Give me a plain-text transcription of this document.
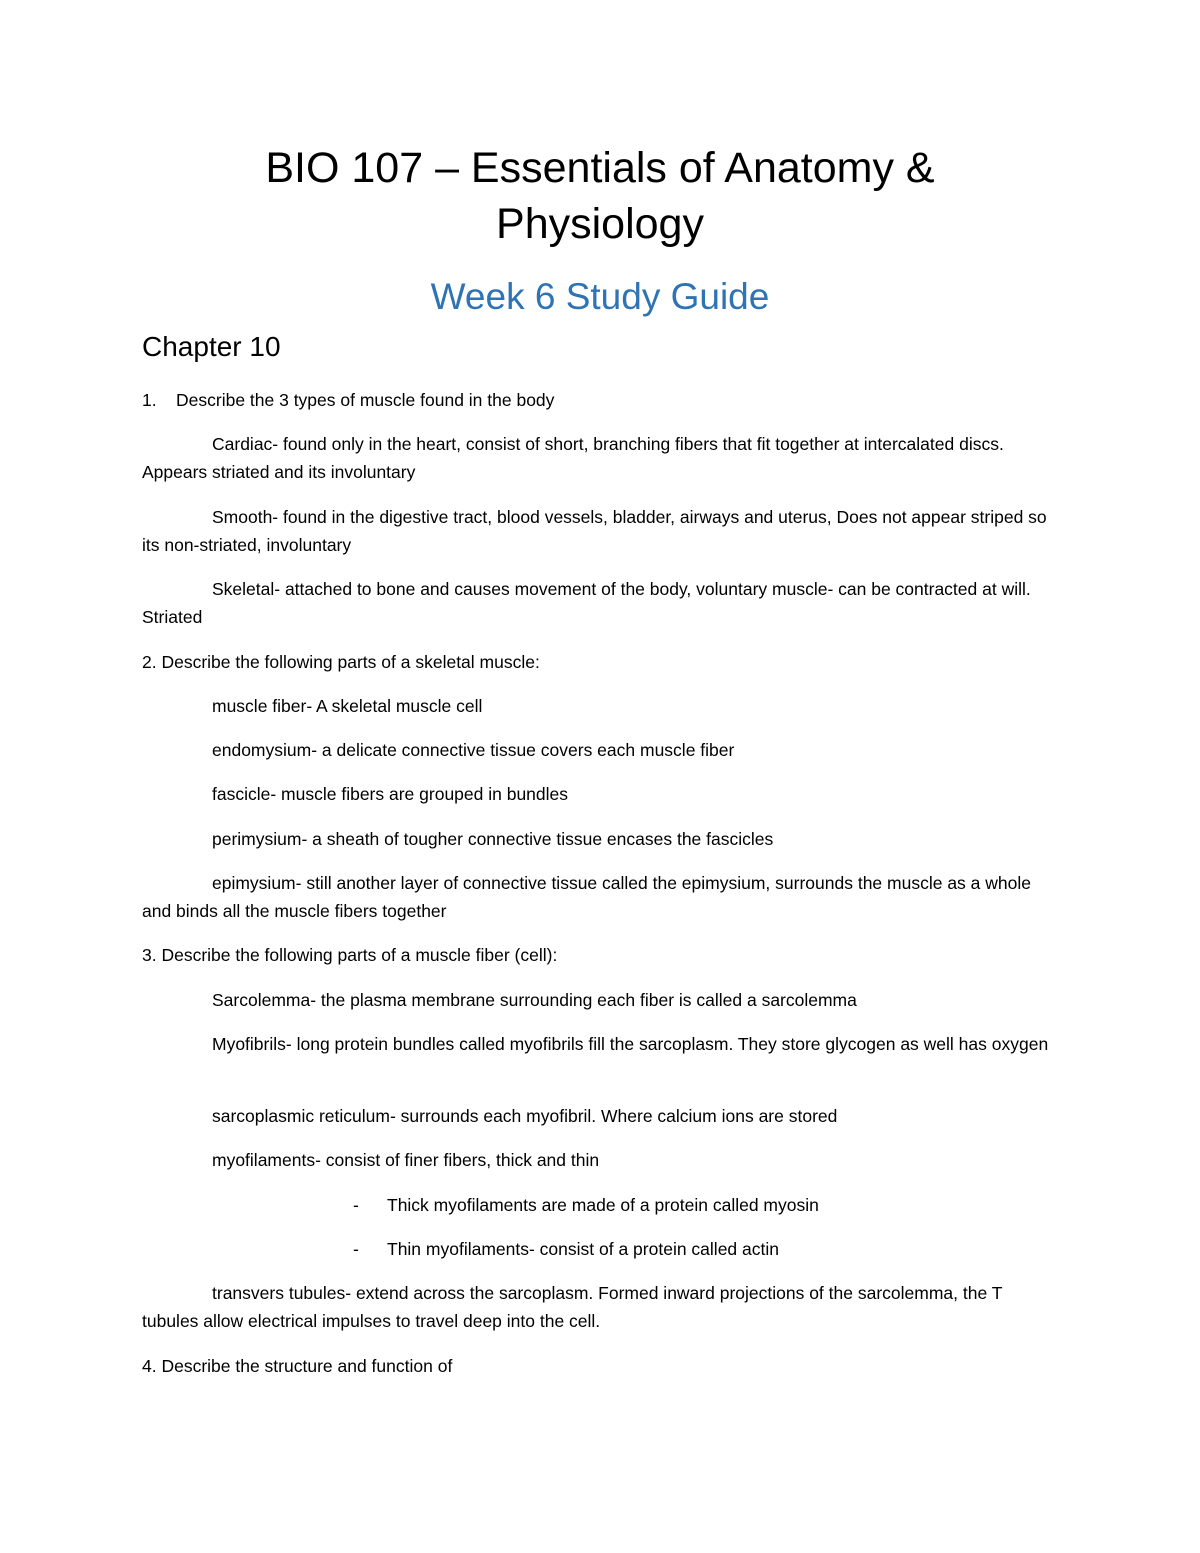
BIO 107 – Essentials of Anatomy &
Physiology
Week 6 Study Guide
Chapter 10

1. Describe the 3 types of muscle found in the body

Cardiac- found only in the heart, consist of short, branching fibers that fit together at intercalated discs. Appears striated and its involuntary

Smooth- found in the digestive tract, blood vessels, bladder, airways and uterus, Does not appear striped so its non-striated, involuntary

Skeletal- attached to bone and causes movement of the body, voluntary muscle- can be contracted at will. Striated

2. Describe the following parts of a skeletal muscle:

muscle fiber- A skeletal muscle cell

endomysium- a delicate connective tissue covers each muscle fiber

fascicle- muscle fibers are grouped in bundles

perimysium- a sheath of tougher connective tissue encases the fascicles

epimysium- still another layer of connective tissue called the epimysium, surrounds the muscle as a whole and binds all the muscle fibers together

3. Describe the following parts of a muscle fiber (cell):

Sarcolemma- the plasma membrane surrounding each fiber is called a sarcolemma

Myofibrils- long protein bundles called myofibrils fill the sarcoplasm. They store glycogen as well has oxygen

sarcoplasmic reticulum- surrounds each myofibril. Where calcium ions are stored

myofilaments- consist of finer fibers, thick and thin

- Thick myofilaments are made of a protein called myosin

- Thin myofilaments- consist of a protein called actin

transvers tubules- extend across the sarcoplasm. Formed inward projections of the sarcolemma, the T tubules allow electrical impulses to travel deep into the cell.

4. Describe the structure and function of
